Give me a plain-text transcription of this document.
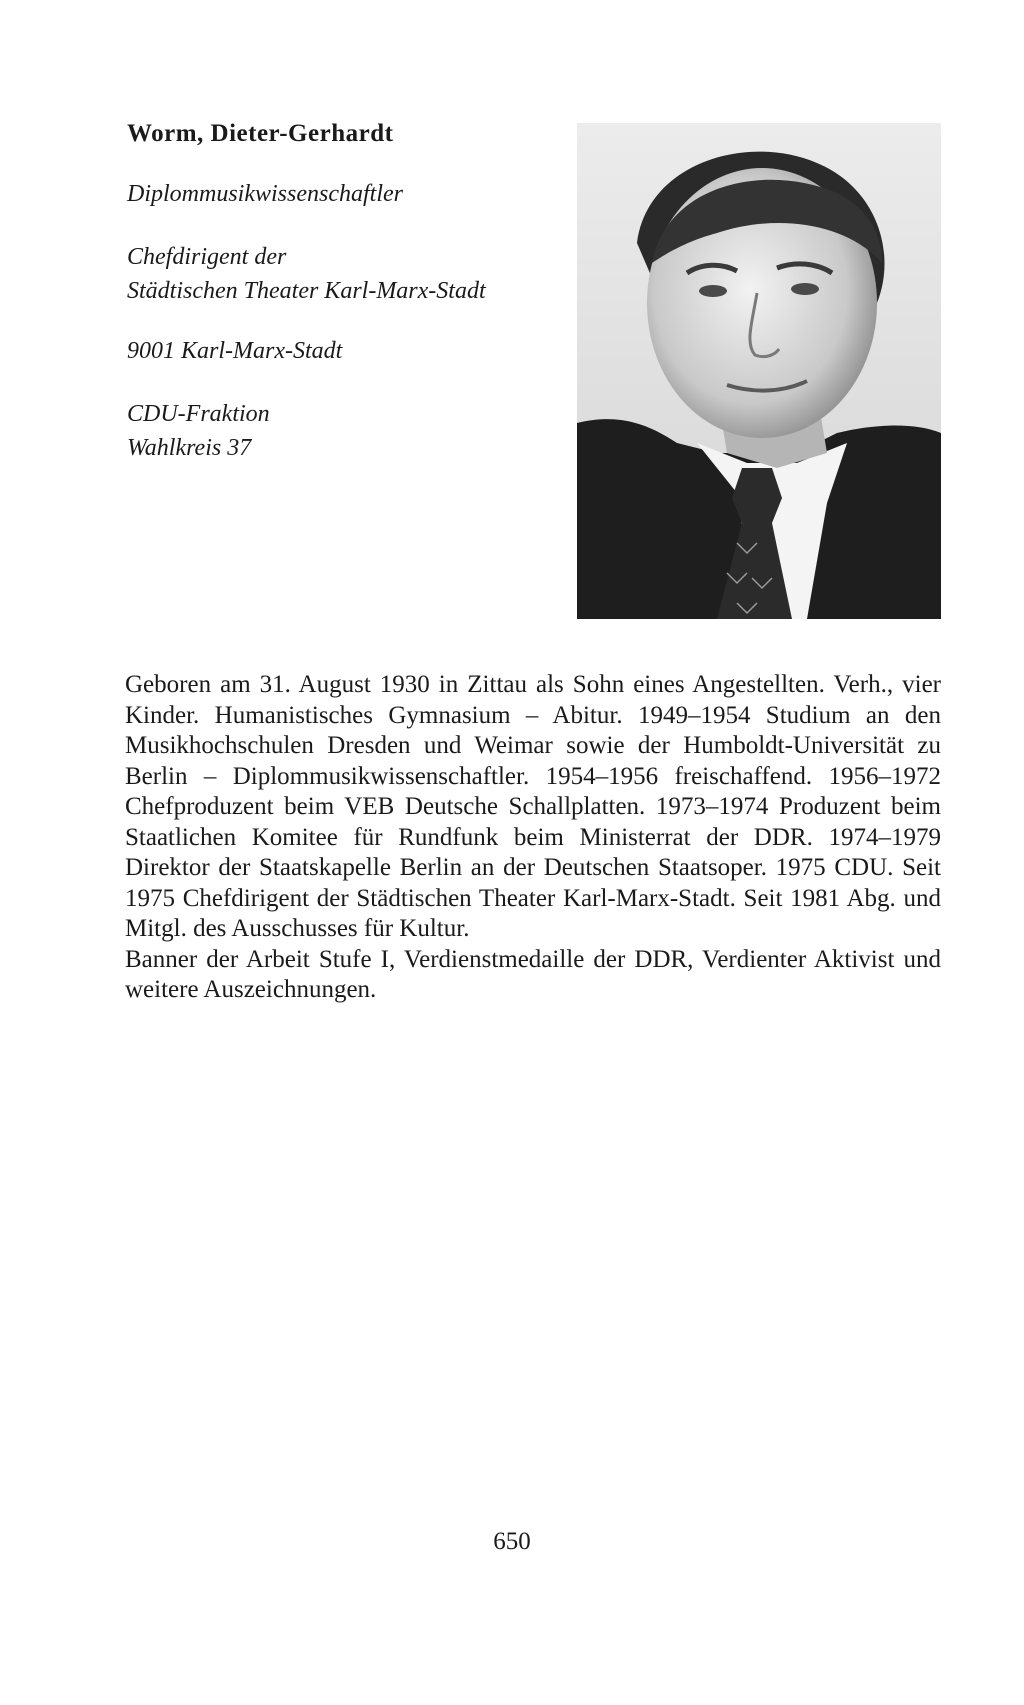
Worm, Dieter-Gerhardt

Diplommusikwissenschaftler

Chefdirigent der
Städtischen Theater Karl-Marx-Stadt

9001 Karl-Marx-Stadt

CDU-Fraktion
Wahlkreis 37

Geboren am 31. August 1930 in Zittau als Sohn eines Angestellten. Verh., vier Kinder. Humanistisches Gymnasium – Abitur. 1949–1954 Studium an den Musikhochschulen Dresden und Weimar sowie der Humboldt-Universität zu Berlin – Diplommusikwissenschaftler. 1954–1956 freischaffend. 1956–1972 Chefproduzent beim VEB Deutsche Schallplatten. 1973–1974 Produzent beim Staatlichen Komitee für Rundfunk beim Ministerrat der DDR. 1974–1979 Direktor der Staatskapelle Berlin an der Deutschen Staatsoper. 1975 CDU. Seit 1975 Chefdirigent der Städtischen Theater Karl-Marx-Stadt. Seit 1981 Abg. und Mitgl. des Ausschusses für Kultur.

Banner der Arbeit Stufe I, Verdienstmedaille der DDR, Verdienter Aktivist und weitere Auszeichnungen.

650
